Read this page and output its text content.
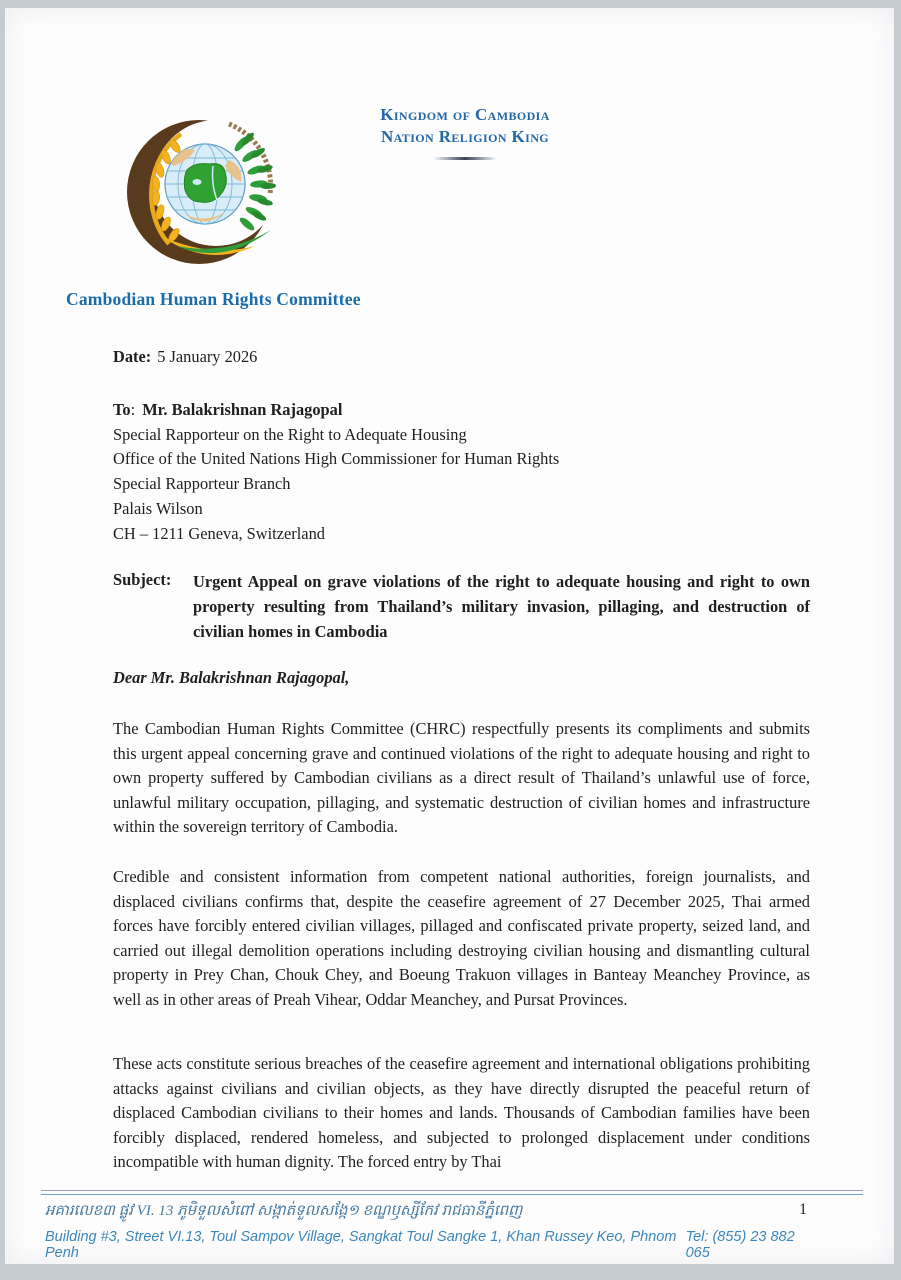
Kingdom of Cambodia
Nation Religion King
Cambodian Human Rights Committee
Date: 5 January 2026
To: Mr. Balakrishnan Rajagopal
Special Rapporteur on the Right to Adequate Housing
Office of the United Nations High Commissioner for Human Rights
Special Rapporteur Branch
Palais Wilson
CH – 1211 Geneva, Switzerland
Subject:	Urgent Appeal on grave violations of the right to adequate housing and right to own property resulting from Thailand’s military invasion, pillaging, and destruction of civilian homes in Cambodia
Dear Mr. Balakrishnan Rajagopal,

The Cambodian Human Rights Committee (CHRC) respectfully presents its compliments and submits this urgent appeal concerning grave and continued violations of the right to adequate housing and right to own property suffered by Cambodian civilians as a direct result of Thailand’s unlawful use of force, unlawful military occupation, pillaging, and systematic destruction of civilian homes and infrastructure within the sovereign territory of Cambodia.

Credible and consistent information from competent national authorities, foreign journalists, and displaced civilians confirms that, despite the ceasefire agreement of 27 December 2025, Thai armed forces have forcibly entered civilian villages, pillaged and confiscated private property, seized land, and carried out illegal demolition operations including destroying civilian housing and dismantling cultural property in Prey Chan, Chouk Chey, and Boeung Trakuon villages in Banteay Meanchey Province, as well as in other areas of Preah Vihear, Oddar Meanchey, and Pursat Provinces.

These acts constitute serious breaches of the ceasefire agreement and international obligations prohibiting attacks against civilians and civilian objects, as they have directly disrupted the peaceful return of displaced Cambodian civilians to their homes and lands. Thousands of Cambodian families have been forcibly displaced, rendered homeless, and subjected to prolonged displacement under conditions incompatible with human dignity. The forced entry by Thai

អគារលេខ៣ ផ្លូវ VI. 13 ភូមិទួលសំពៅ សង្កាត់ទួលសង្កែ១ ខណ្ឌឫស្សីកែវ រាជធានីភ្នំពេញ	1
Building #3, Street VI.13, Toul Sampov Village, Sangkat Toul Sangke 1, Khan Russey Keo, Phnom Penh
Tel: (855) 23 882 065
